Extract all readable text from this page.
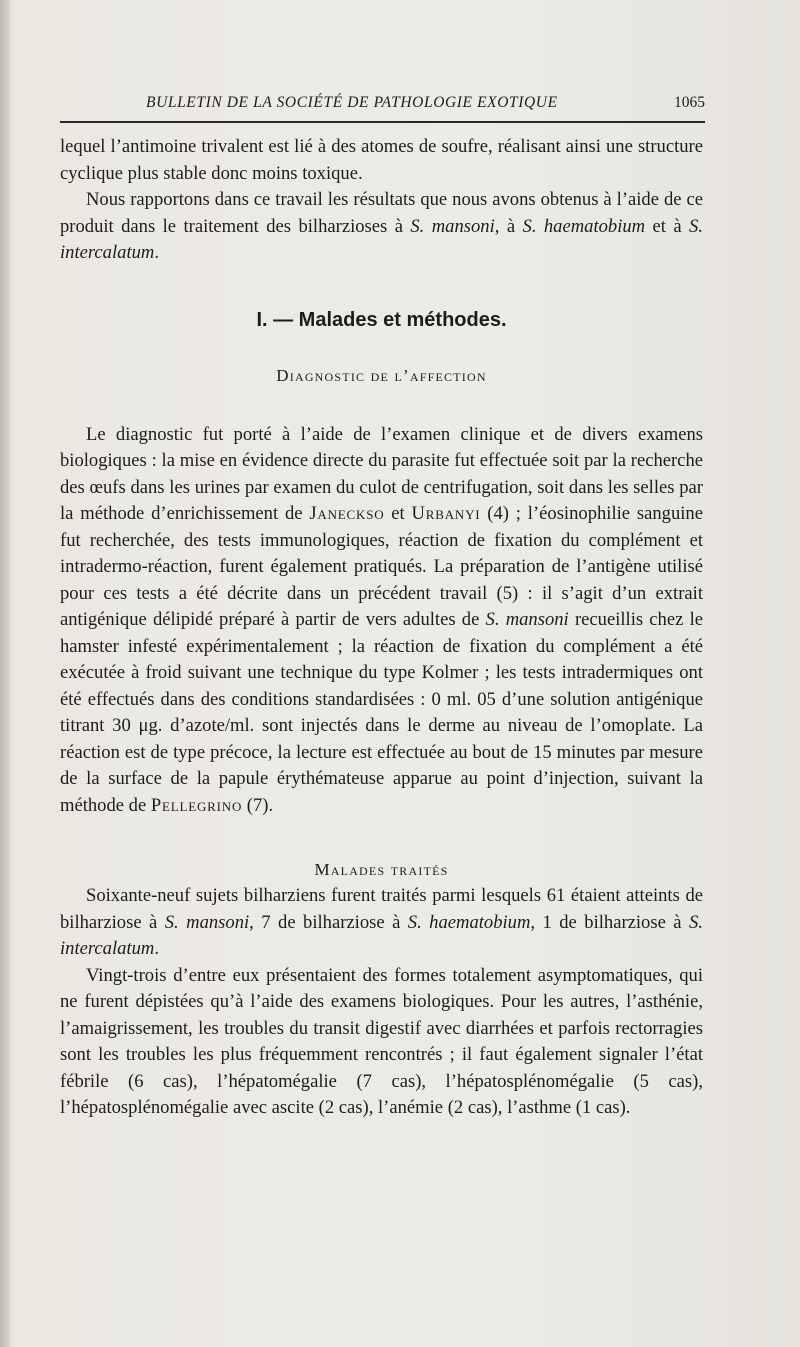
BULLETIN DE LA SOCIÉTÉ DE PATHOLOGIE EXOTIQUE	1065

lequel l’antimoine trivalent est lié à des atomes de soufre, réalisant ainsi une structure cyclique plus stable donc moins toxique.

Nous rapportons dans ce travail les résultats que nous avons obtenus à l’aide de ce produit dans le traitement des bilharzioses à S. mansoni, à S. haematobium et à S. intercalatum.

I. — Malades et méthodes.
Diagnostic de l’affection

Le diagnostic fut porté à l’aide de l’examen clinique et de divers examens biologiques : la mise en évidence directe du parasite fut effectuée soit par la recherche des œufs dans les urines par examen du culot de centrifugation, soit dans les selles par la méthode d’enrichissement de Janeckso et Urbanyi (4) ; l’éosinophilie sanguine fut recherchée, des tests immunologiques, réaction de fixation du complément et intradermo-réaction, furent également pratiqués. La préparation de l’antigène utilisé pour ces tests a été décrite dans un précédent travail (5) : il s’agit d’un extrait antigénique délipidé préparé à partir de vers adultes de S. mansoni recueillis chez le hamster infesté expérimentalement ; la réaction de fixation du complément a été exécutée à froid suivant une technique du type Kolmer ; les tests intradermiques ont été effectués dans des conditions standardisées : 0 ml. 05 d’une solution antigénique titrant 30 μg. d’azote/ml. sont injectés dans le derme au niveau de l’omoplate. La réaction est de type précoce, la lecture est effectuée au bout de 15 minutes par mesure de la surface de la papule érythémateuse apparue au point d’injection, suivant la méthode de Pellegrino (7).

Malades traités

Soixante-neuf sujets bilharziens furent traités parmi lesquels 61 étaient atteints de bilharziose à S. mansoni, 7 de bilharziose à S. haematobium, 1 de bilharziose à S. intercalatum.

Vingt-trois d’entre eux présentaient des formes totalement asymptomatiques, qui ne furent dépistées qu’à l’aide des examens biologiques. Pour les autres, l’asthénie, l’amaigrissement, les troubles du transit digestif avec diarrhées et parfois rectorragies sont les troubles les plus fréquemment rencontrés ; il faut également signaler l’état fébrile (6 cas), l’hépatomégalie (7 cas), l’hépatosplénomégalie (5 cas), l’hépatosplénomégalie avec ascite (2 cas), l’anémie (2 cas), l’asthme (1 cas).
